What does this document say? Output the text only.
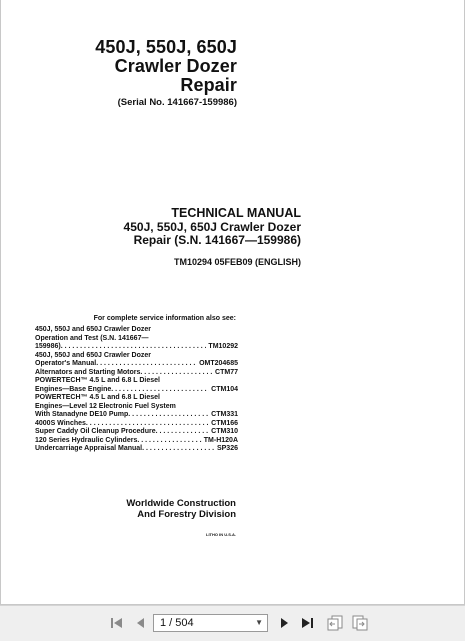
450J, 550J, 650J
Crawler Dozer
Repair
(Serial No. 141667-159986)
TECHNICAL MANUAL
450J, 550J, 650J Crawler Dozer
Repair (S.N. 141667—159986)
TM10294 05FEB09 (ENGLISH)
For complete service information also see:
450J, 550J and 650J Crawler Dozer
Operation and Test (S.N. 141667—
159986) . . .	TM10292
450J, 550J and 650J Crawler Dozer
Operator's Manual . . .	OMT204685
Alternators and Starting Motors . . .	CTM77
POWERTECH™ 4.5 L and 6.8 L Diesel
Engines—Base Engine . . .	CTM104
POWERTECH™ 4.5 L and 6.8 L Diesel
Engines—Level 12 Electronic Fuel System
With Stanadyne DE10 Pump . . .	CTM331
4000S Winches . . .	CTM166
Super Caddy Oil Cleanup Procedure . . .	CTM310
120 Series Hydraulic Cylinders . . .	TM-H120A
Undercarriage Appraisal Manual . . .	SP326
Worldwide Construction
And Forestry Division
LITHO IN U.S.A.
1 / 504	▼
